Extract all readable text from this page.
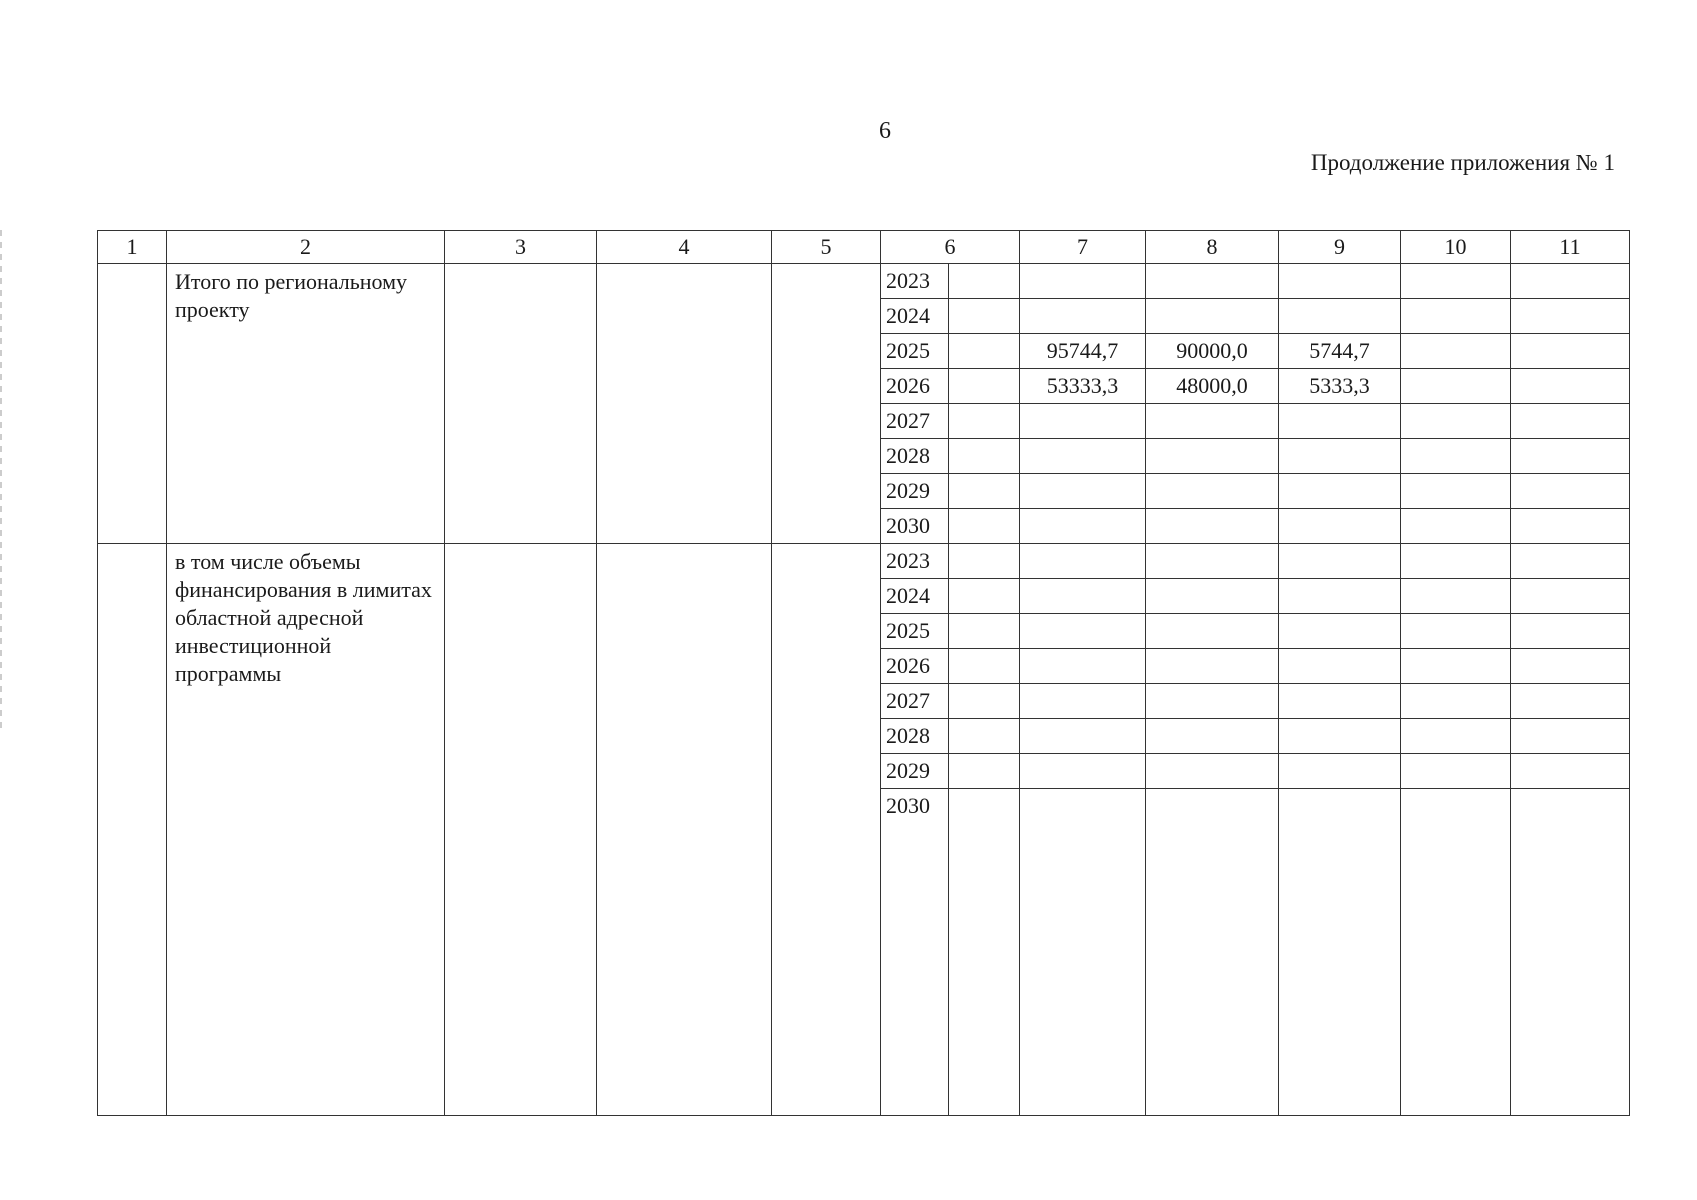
6
Продолжение приложения № 1
1	2	3	4	5	6		7	8	9	10	11
	Итого по региональному проекту				2023						
					2024						
					2025		95744,7	90000,0	5744,7		
					2026		53333,3	48000,0	5333,3		
					2027						
					2028						
					2029						
					2030						
	в том числе объемы финансирования в лимитах областной адресной инвестиционной программы				2023						
					2024						
					2025						
					2026						
					2027						
					2028						
					2029						
					2030						
